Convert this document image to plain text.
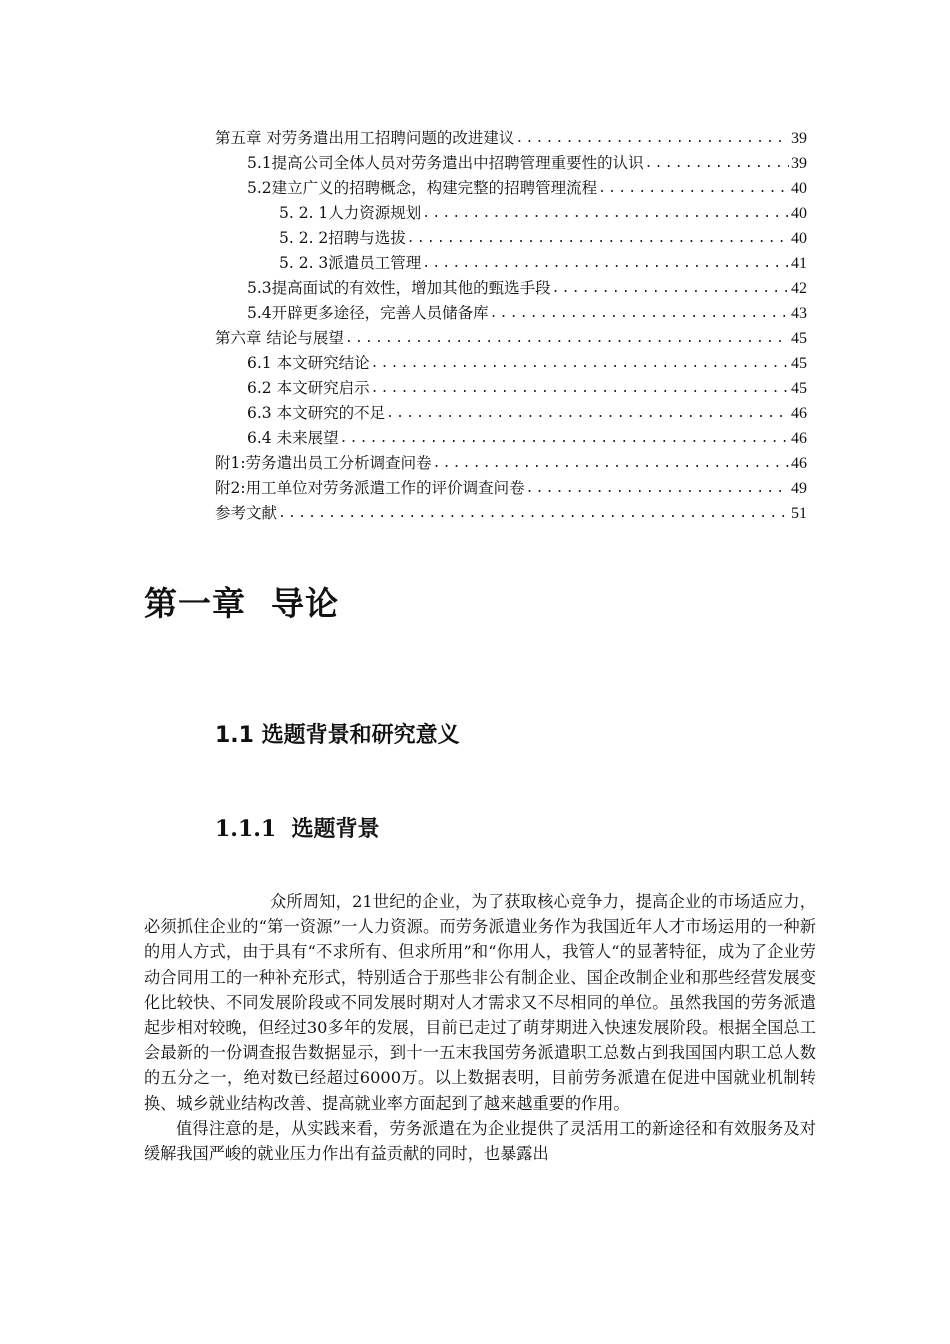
第五章 对劳务遣出用工招聘问题的改进建议 .....	39
5.1提高公司全体人员对劳务遣出中招聘管理重要性的认识 .....	39
5.2建立广义的招聘概念，构建完整的招聘管理流程 .....	40
5. 2. 1人力资源规划 .....	40
5. 2. 2招聘与选拔 .....	40
5. 2. 3派遣员工管理 .....	41
5.3提高面试的有效性，增加其他的甄选手段 .....	42
5.4开辟更多途径，完善人员储备库 .....	43
第六章 结论与展望 .....	45
6.1 本文研究结论 .....	45
6.2 本文研究启示 .....	45
6.3 本文研究的不足 .....	46
6.4 未来展望 .....	46
附1:劳务遣出员工分析调查问卷 .....	46
附2:用工单位对劳务派遣工作的评价调查问卷 .....	49
参考文献 .....	51
第一章  导论
1.1 选题背景和研究意义
1.1.1  选题背景

众所周知，21世纪的企业，为了获取核心竞争力，提高企业的市场适应力，必须抓住企业的“第一资源”一人力资源。而劳务派遣业务作为我国近年人才市场运用的一种新的用人方式，由于具有“不求所有、但求所用”和“你用人，我管人“的显著特征，成为了企业劳动合同用工的一种补充形式，特别适合于那些非公有制企业、国企改制企业和那些经营发展变化比较快、不同发展阶段或不同发展时期对人才需求又不尽相同的单位。虽然我国的劳务派遣起步相对较晚，但经过30多年的发展，目前已走过了萌芽期进入快速发展阶段。根据全国总工会最新的一份调查报告数据显示，到十一五末我国劳务派遣职工总数占到我国国内职工总人数的五分之一，绝对数已经超过6000万。以上数据表明，目前劳务派遣在促进中国就业机制转换、城乡就业结构改善、提高就业率方面起到了越来越重要的作用。

值得注意的是，从实践来看，劳务派遣在为企业提供了灵活用工的新途径和有效服务及对缓解我国严峻的就业压力作出有益贡献的同时，也暴露出
